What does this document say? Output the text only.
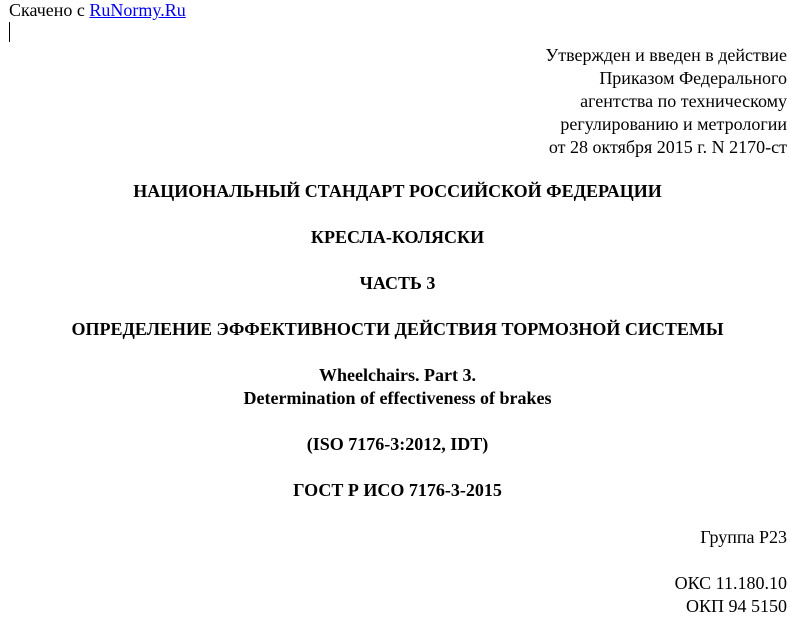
Скачено с RuNormy.Ru
Утвержден и введен в действие
Приказом Федерального
агентства по техническому
регулированию и метрологии
от 28 октября 2015 г. N 2170-ст
НАЦИОНАЛЬНЫЙ СТАНДАРТ РОССИЙСКОЙ ФЕДЕРАЦИИ
КРЕСЛА-КОЛЯСКИ
ЧАСТЬ 3
ОПРЕДЕЛЕНИЕ ЭФФЕКТИВНОСТИ ДЕЙСТВИЯ ТОРМОЗНОЙ СИСТЕМЫ
Wheelchairs. Part 3.
Determination of effectiveness of brakes
(ISO 7176-3:2012, IDT)
ГОСТ Р ИСО 7176-3-2015
Группа Р23
ОКС 11.180.10
ОКП 94 5150
